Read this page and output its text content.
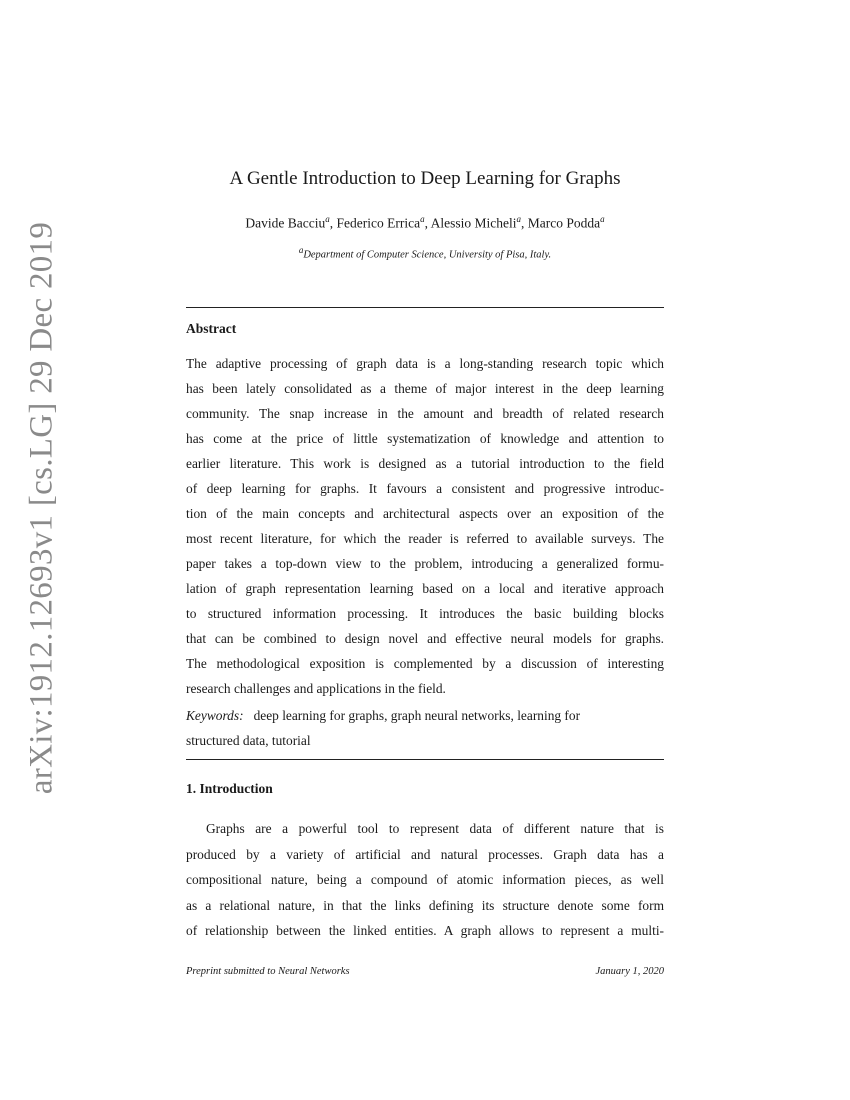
arXiv:1912.12693v1 [cs.LG] 29 Dec 2019
A Gentle Introduction to Deep Learning for Graphs
Davide Bacciu$^a$, Federico Errica$^a$, Alessio Micheli$^a$, Marco Podda$^a$
$^a$Department of Computer Science, University of Pisa, Italy.
Abstract
The adaptive processing of graph data is a long-standing research topic which
has been lately consolidated as a theme of major interest in the deep learning
community. The snap increase in the amount and breadth of related research
has come at the price of little systematization of knowledge and attention to
earlier literature. This work is designed as a tutorial introduction to the field
of deep learning for graphs. It favours a consistent and progressive introduc-
tion of the main concepts and architectural aspects over an exposition of the
most recent literature, for which the reader is referred to available surveys. The
paper takes a top-down view to the problem, introducing a generalized formu-
lation of graph representation learning based on a local and iterative approach
to structured information processing. It introduces the basic building blocks
that can be combined to design novel and effective neural models for graphs.
The methodological exposition is complemented by a discussion of interesting
research challenges and applications in the field.
Keywords: deep learning for graphs, graph neural networks, learning for
structured data, tutorial
1. Introduction
Graphs are a powerful tool to represent data of different nature that is
produced by a variety of artificial and natural processes. Graph data has a
compositional nature, being a compound of atomic information pieces, as well
as a relational nature, in that the links defining its structure denote some form
of relationship between the linked entities. A graph allows to represent a multi-
Preprint submitted to Neural Networks	January 1, 2020
